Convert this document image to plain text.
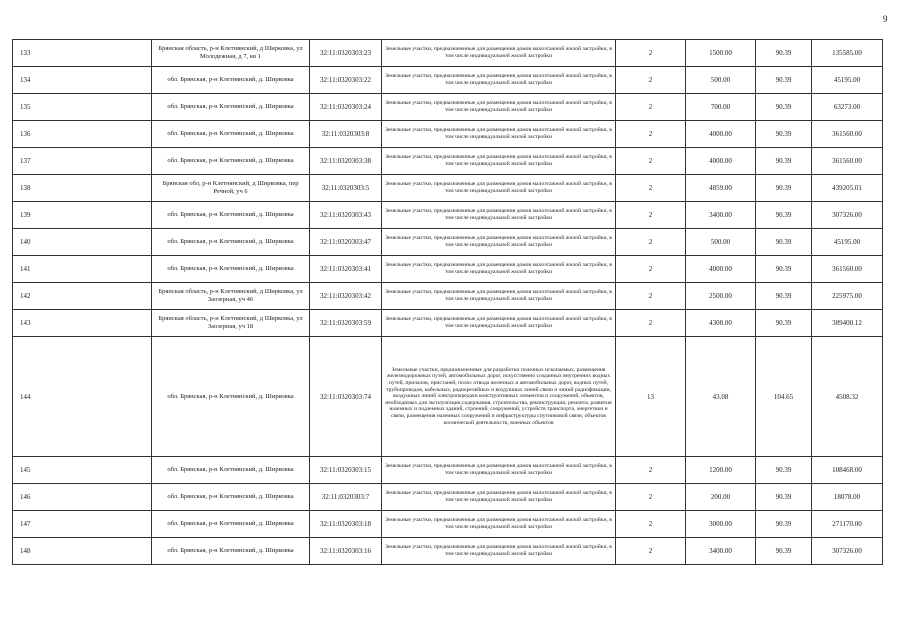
9
133	Брянская область, р-н Клетнянский, д Ширковка, ул Молодежная, д 7, кв 1	32:11:0320303:23	Земельные участки, предназначенные для размещения домов малоэтажной жилой застройки, в том числе индивидуальной жилой застройки	2	1500.00	90.39	135585.00
134	обл. Брянская, р-н Клетнянский, д. Ширковка	32:11:0320303:22	Земельные участки, предназначенные для размещения домов малоэтажной жилой застройки, в том числе индивидуальной жилой застройки	2	500.00	90.39	45195.00
135	обл. Брянская, р-н Клетнянский, д. Ширковка	32:11:0320303:24	Земельные участки, предназначенные для размещения домов малоэтажной жилой застройки, в том числе индивидуальной жилой застройки	2	700.00	90.39	63273.00
136	обл. Брянская, р-н Клетнянский, д. Ширковка	32:11:0320303:8	Земельные участки, предназначенные для размещения домов малоэтажной жилой застройки, в том числе индивидуальной жилой застройки	2	4000.00	90.39	361560.00
137	обл. Брянская, р-н Клетнянский, д. Ширковка	32:11:0320303:38	Земельные участки, предназначенные для размещения домов малоэтажной жилой застройки, в том числе индивидуальной жилой застройки	2	4000.00	90.39	361560.00
138	Брянская обл, р-н Клетнянский, д Ширковка, пер Речной, уч 6	32:11:0320303:5	Земельные участки, предназначенные для размещения домов малоэтажной жилой застройки, в том числе индивидуальной жилой застройки	2	4859.00	90.39	439205.01
139	обл. Брянская, р-н Клетнянский, д. Ширковка	32:11:0320303:43	Земельные участки, предназначенные для размещения домов малоэтажной жилой застройки, в том числе индивидуальной жилой застройки	2	3400.00	90.39	307326.00
140	обл. Брянская, р-н Клетнянский, д. Ширковка	32:11:0320303:47	Земельные участки, предназначенные для размещения домов малоэтажной жилой застройки, в том числе индивидуальной жилой застройки	2	500.00	90.39	45195.00
141	обл. Брянская, р-н Клетнянский, д. Ширковка	32:11:0320303:41	Земельные участки, предназначенные для размещения домов малоэтажной жилой застройки, в том числе индивидуальной жилой застройки	2	4000.00	90.39	361560.00
142	Брянская область, р-н Клетнянский, д Ширковка, ул Заозерная, уч 46	32:11:0320303:42	Земельные участки, предназначенные для размещения домов малоэтажной жилой застройки, в том числе индивидуальной жилой застройки	2	2500.00	90.39	225975.00
143	Брянская область, р-н Клетнянский, д Ширковка, ул Заозерная, уч 18	32:11:0320303:59	Земельные участки, предназначенные для размещения домов малоэтажной жилой застройки, в том числе индивидуальной жилой застройки	2	4308.00	90.39	389400.12
144	обл. Брянская, р-н Клетнянский, д. Ширковка	32:11:0320303:74	Земельные участки, предназначенные для разработки полезных ископаемых, размещения железнодорожных путей, автомобильных дорог, искусственно созданных внутренних водных путей, причалов, пристаней, полос отвода железных и автомобильных дорог, водных путей, трубопроводов, кабельных, радиорелейных и воздушных линий связи и линий радиофикации, воздушных линий электропередачи конструктивных элементов и сооружений, объектов, необходимых для эксплуатации,содержания, строительства, реконструкции, ремонта, развития наземных и подземных зданий, строений, сооружений, устройств транспорта, энергетики и связи, размещения наземных сооружений и инфраструктуры спутниковой связи, объектов космической деятельности, военных объектов	13	43.08	104.65	4508.32
145	обл. Брянская, р-н Клетнянский, д. Ширковка	32:11:0320303:15	Земельные участки, предназначенные для размещения домов малоэтажной жилой застройки, в том числе индивидуальной жилой застройки	2	1200.00	90.39	108468.00
146	обл. Брянская, р-н Клетнянский, д. Ширковка	32:11:0320303:7	Земельные участки, предназначенные для размещения домов малоэтажной жилой застройки, в том числе индивидуальной жилой застройки	2	200.00	90.39	18078.00
147	обл. Брянская, р-н Клетнянский, д. Ширковка	32:11:0320303:18	Земельные участки, предназначенные для размещения домов малоэтажной жилой застройки, в том числе индивидуальной жилой застройки	2	3000.00	90.39	271170.00
148	обл. Брянская, р-н Клетнянский, д. Ширковка	32:11:0320303:16	Земельные участки, предназначенные для размещения домов малоэтажной жилой застройки, в том числе индивидуальной жилой застройки	2	3400.00	90.39	307326.00
